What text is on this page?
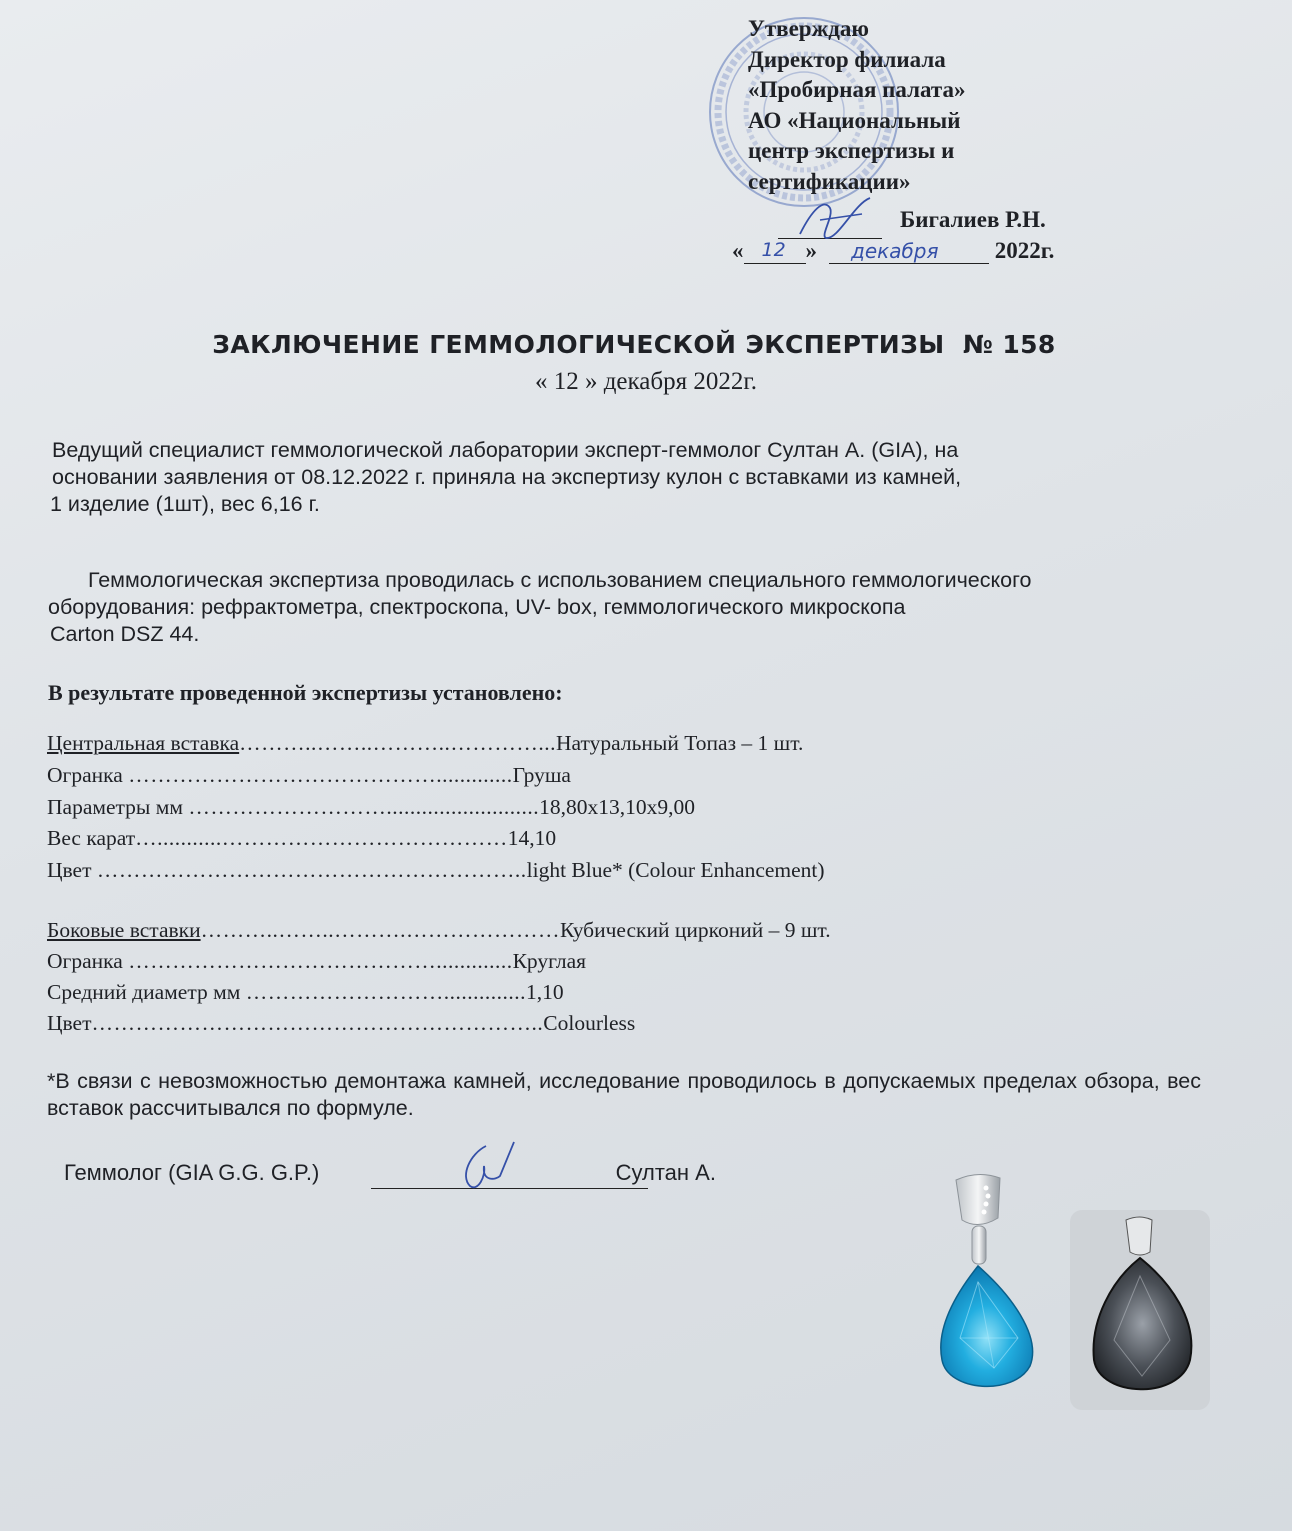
Утверждаю
Директор филиала
«Пробирная палата»
АО «Национальный
центр экспертизы и
сертификации»
Бигалиев Р.Н.
« 12 » декабря 2022г.
ЗАКЛЮЧЕНИЕ ГЕММОЛОГИЧЕСКОЙ ЭКСПЕРТИЗЫ  № 158
« 12 » декабря 2022г.
Ведущий специалист геммологической лаборатории эксперт-геммолог Султан А. (GIA), на
основании заявления от 08.12.2022 г. приняла на экспертизу кулон с вставками из камней,
1 изделие (1шт), вес 6,16 г.
Геммологическая экспертиза проводилась с использованием специального геммологического
оборудования: рефрактометра, спектроскопа, UV- box, геммологического микроскопа
Carton DSZ 44.
В результате проведенной экспертизы установлено:
Центральная вставка………..……..………..…………...Натуральный Топаз – 1 шт.
Огранка …………………………………….............Груша
Параметры мм ………………………..........................18,80х13,10х9,00
Вес карат…...........…………………………………14,10
Цвет …………………………………………………..light Blue* (Colour Enhancement)
Боковые вставки………..……..……….…………………Кубический цирконий – 9 шт.
Огранка …………………………………….............Круглая
Средний диаметр мм ………………………..............1,10
Цвет……………………………………………………..Colourless
*В связи с невозможностью демонтажа камней, исследование проводилось в допускаемых пределах обзора, вес вставок рассчитывался по формуле.
Геммолог (GIA G.G. G.P.)	Султан А.
